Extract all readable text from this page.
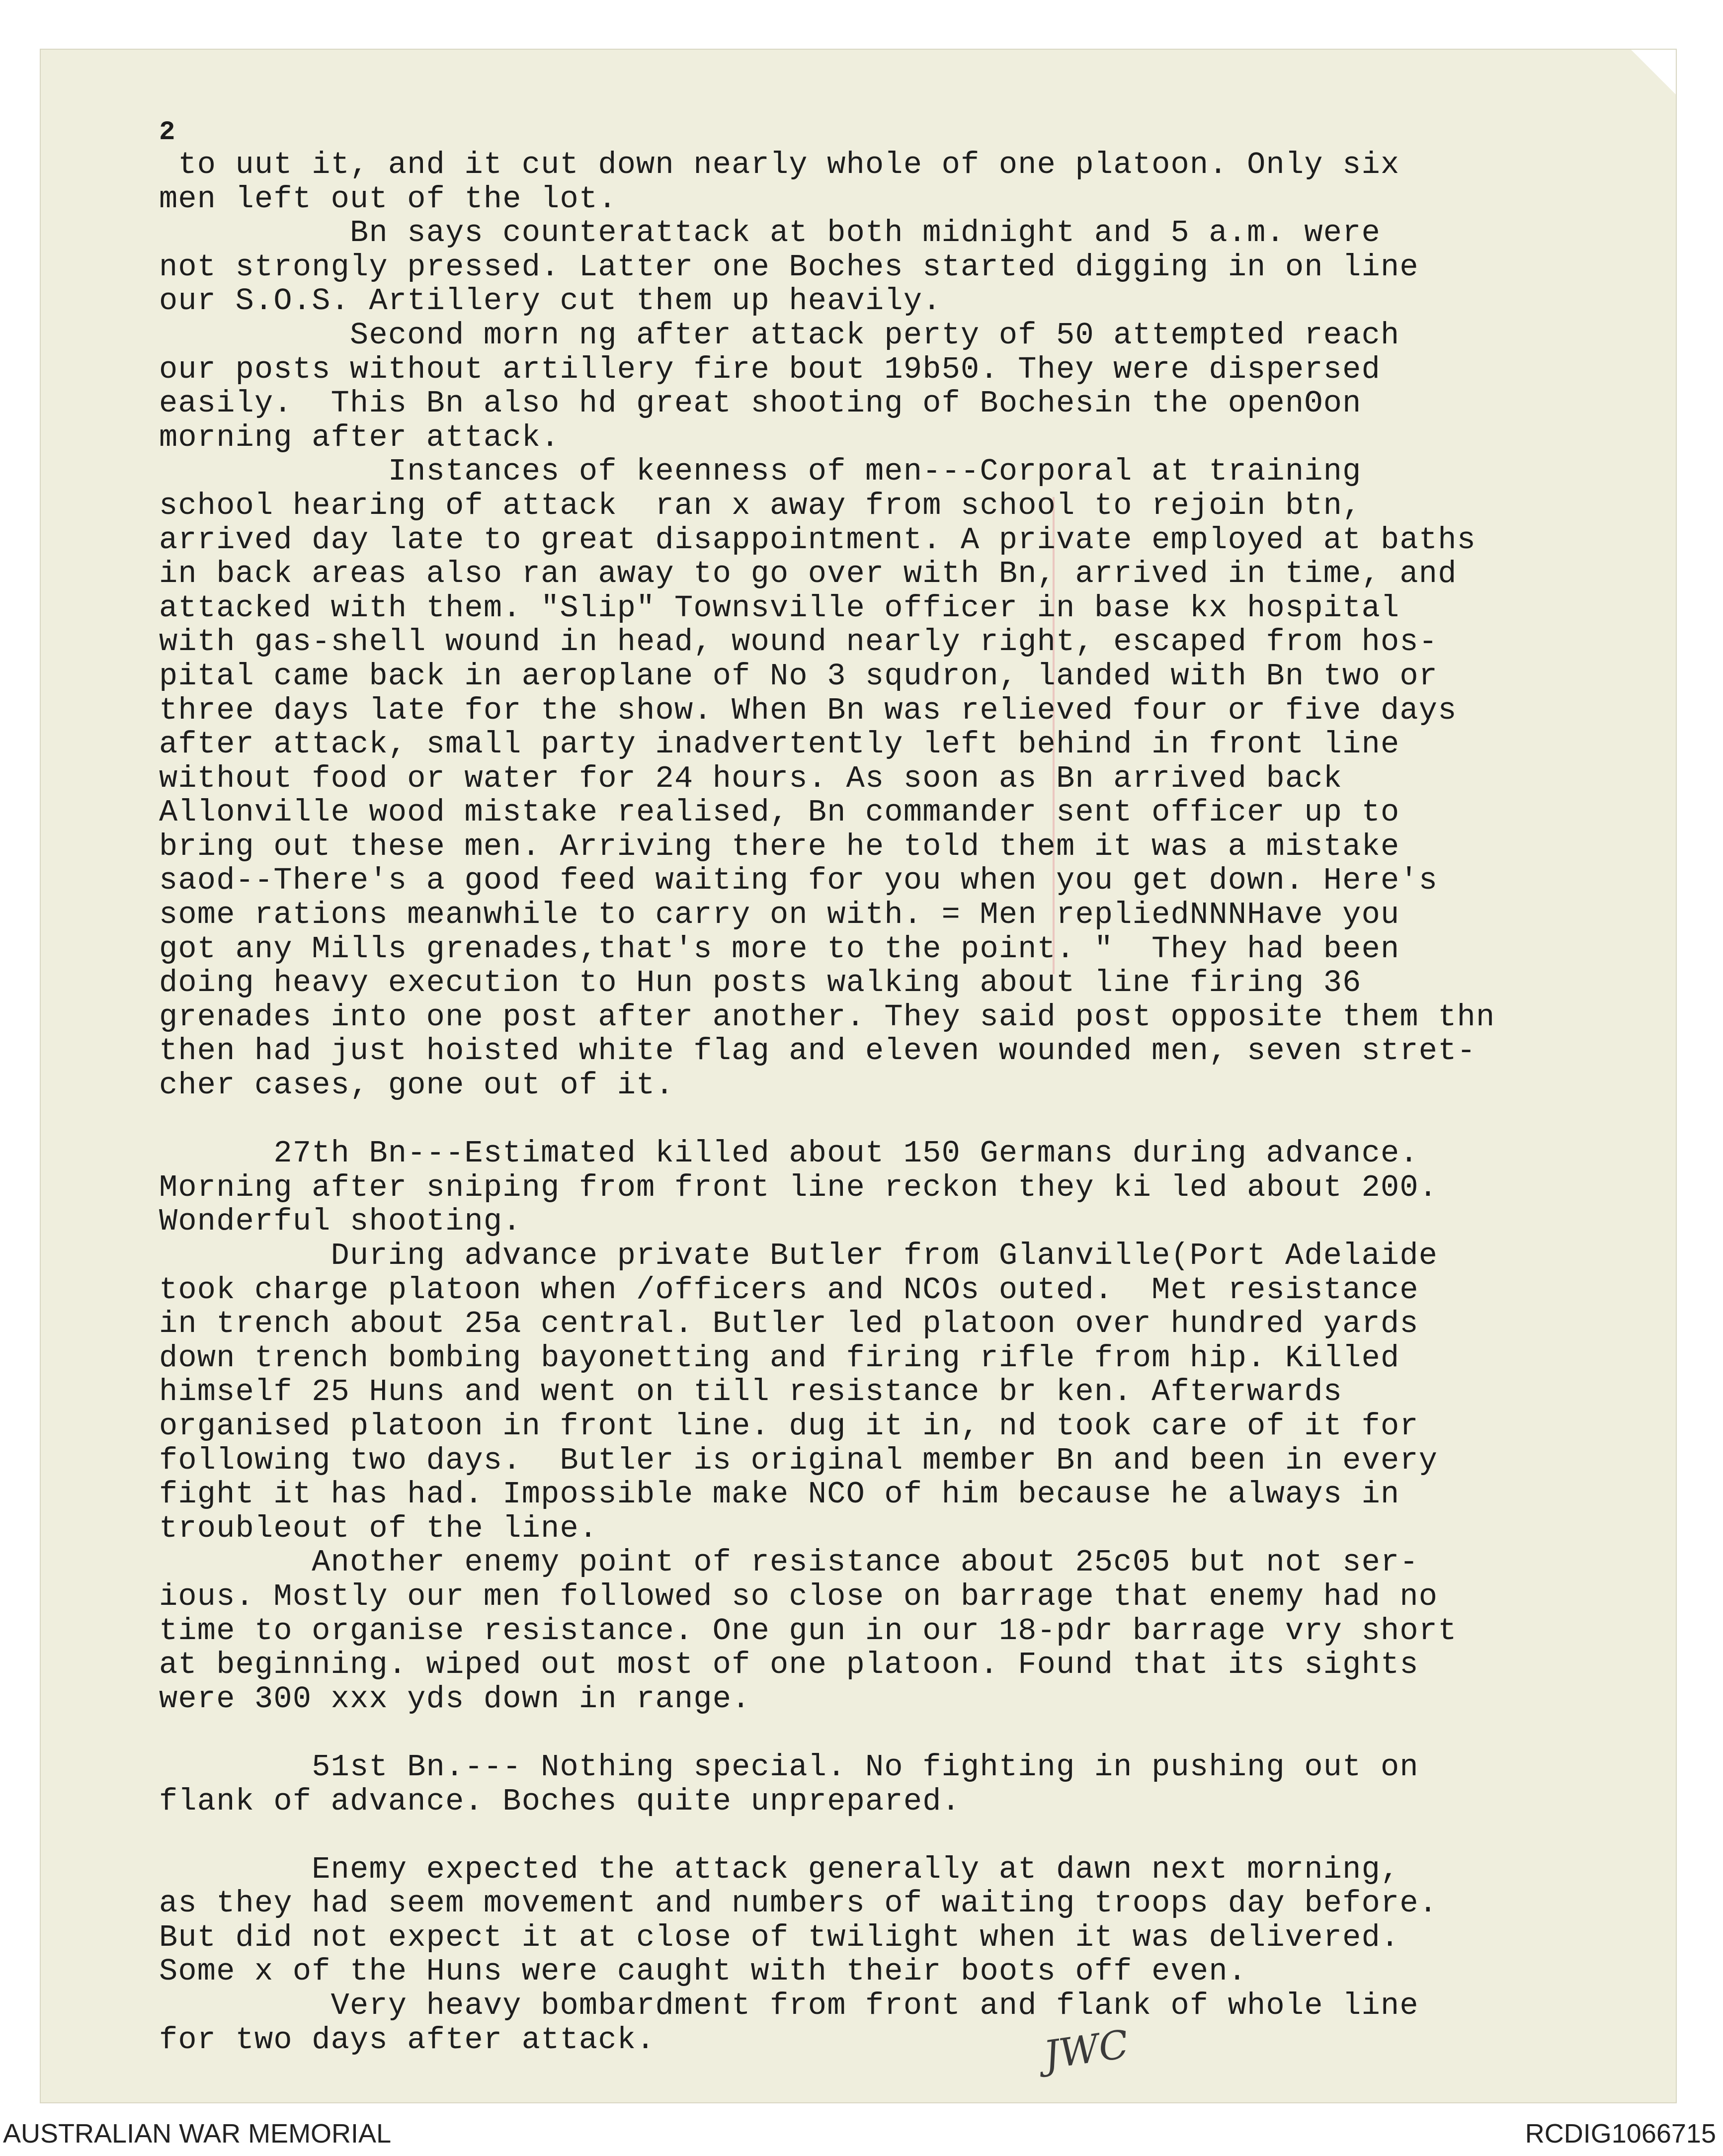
2
to uut it, and it cut down nearly whole of one platoon. Only six
men left out of the lot.
Bn says counterattack at both midnight and 5 a.m. were
not strongly pressed. Latter one Boches started digging in on line
our S.O.S. Artillery cut them up heavily.
Second morn ng after attack perty of 50 attempted reach
our posts without artillery fire bout 19b50. They were dispersed
easily.  This Bn also hd great shooting of Bochesin the openʘon
morning after attack.
Instances of keenness of men---Corporal at training
school hearing of attack  ran x away from school to rejoin btn,
arrived day late to great disappointment. A private employed at baths
in back areas also ran away to go over with Bn, arrived in time, and
attacked with them. "Slip" Townsville officer in base kx hospital
with gas-shell wound in head, wound nearly right, escaped from hos-
pital came back in aeroplane of No 3 squdron, landed with Bn two or
three days late for the show. When Bn was relieved four or five days
after attack, small party inadvertently left behind in front line
without food or water for 24 hours. As soon as Bn arrived back
Allonville wood mistake realised, Bn commander sent officer up to
bring out these men. Arriving there he told them it was a mistake
saod--There's a good feed waiting for you when you get down. Here's
some rations meanwhile to carry on with. = Men repliedNNNHave you
got any Mills grenades,that's more to the point. "  They had been
doing heavy execution to Hun posts walking about line firing 36
grenades into one post after another. They said post opposite them thn
then had just hoisted white flag and eleven wounded men, seven stret-
cher cases, gone out of it.
27th Bn---Estimated killed about 150 Germans during advance.
Morning after sniping from front line reckon they ki led about 200.
Wonderful shooting.
During advance private Butler from Glanville(Port Adelaide
took charge platoon when /officers and NCOs outed.  Met resistance
in trench about 25a central. Butler led platoon over hundred yards
down trench bombing bayonetting and firing rifle from hip. Killed
himself 25 Huns and went on till resistance br ken. Afterwards
organised platoon in front line. dug it in, nd took care of it for
following two days.  Butler is original member Bn and been in every
fight it has had. Impossible make NCO of him because he always in
troubleout of the line.
Another enemy point of resistance about 25c05 but not ser-
ious. Mostly our men followed so close on barrage that enemy had no
time to organise resistance. One gun in our 18-pdr barrage vry short
at beginning. wiped out most of one platoon. Found that its sights
were 300 xxx yds down in range.
51st Bn.--- Nothing special. No fighting in pushing out on
flank of advance. Boches quite unprepared.
Enemy expected the attack generally at dawn next morning,
as they had seem movement and numbers of waiting troops day before.
But did not expect it at close of twilight when it was delivered.
Some x of the Huns were caught with their boots off even.
Very heavy bombardment from front and flank of whole line
for two days after attack.	JWC
AUSTRALIAN WAR MEMORIAL	RCDIG1066715
